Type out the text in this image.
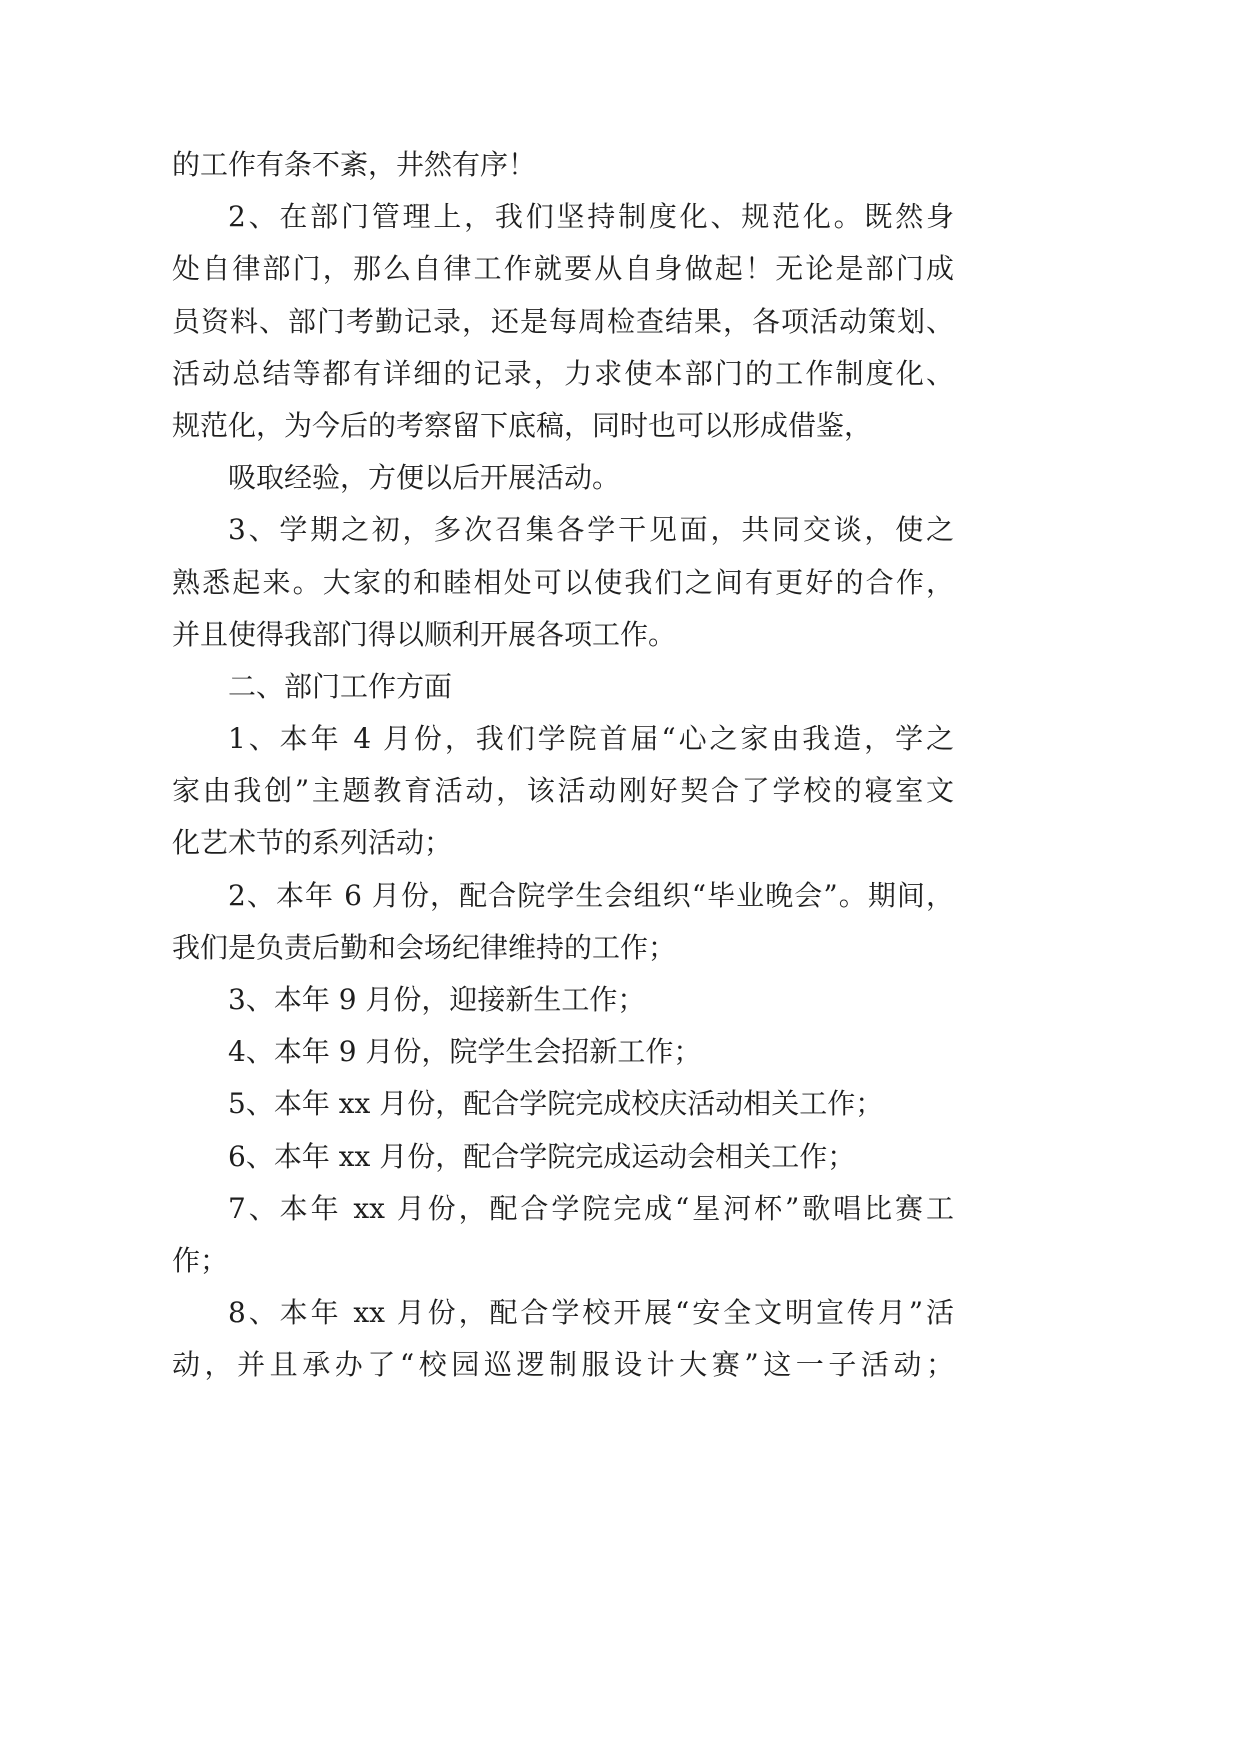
的工作有条不紊，井然有序！
2、在部门管理上，我们坚持制度化、规范化。既然身
处自律部门，那么自律工作就要从自身做起！无论是部门成
员资料、部门考勤记录，还是每周检查结果，各项活动策划、
活动总结等都有详细的记录，力求使本部门的工作制度化、
规范化，为今后的考察留下底稿，同时也可以形成借鉴，
吸取经验，方便以后开展活动。
3、学期之初，多次召集各学干见面，共同交谈，使之
熟悉起来。大家的和睦相处可以使我们之间有更好的合作，
并且使得我部门得以顺利开展各项工作。
二、部门工作方面
1、本年 4 月份，我们学院首届“心之家由我造，学之
家由我创”主题教育活动，该活动刚好契合了学校的寝室文
化艺术节的系列活动；
2、本年 6 月份，配合院学生会组织“毕业晚会”。期间，
我们是负责后勤和会场纪律维持的工作；
3、本年 9 月份，迎接新生工作；
4、本年 9 月份，院学生会招新工作；
5、本年 xx 月份，配合学院完成校庆活动相关工作；
6、本年 xx 月份，配合学院完成运动会相关工作；
7、本年 xx 月份，配合学院完成“星河杯”歌唱比赛工
作；
8、本年 xx 月份，配合学校开展“安全文明宣传月”活
动，并且承办了“校园巡逻制服设计大赛”这一子活动；
